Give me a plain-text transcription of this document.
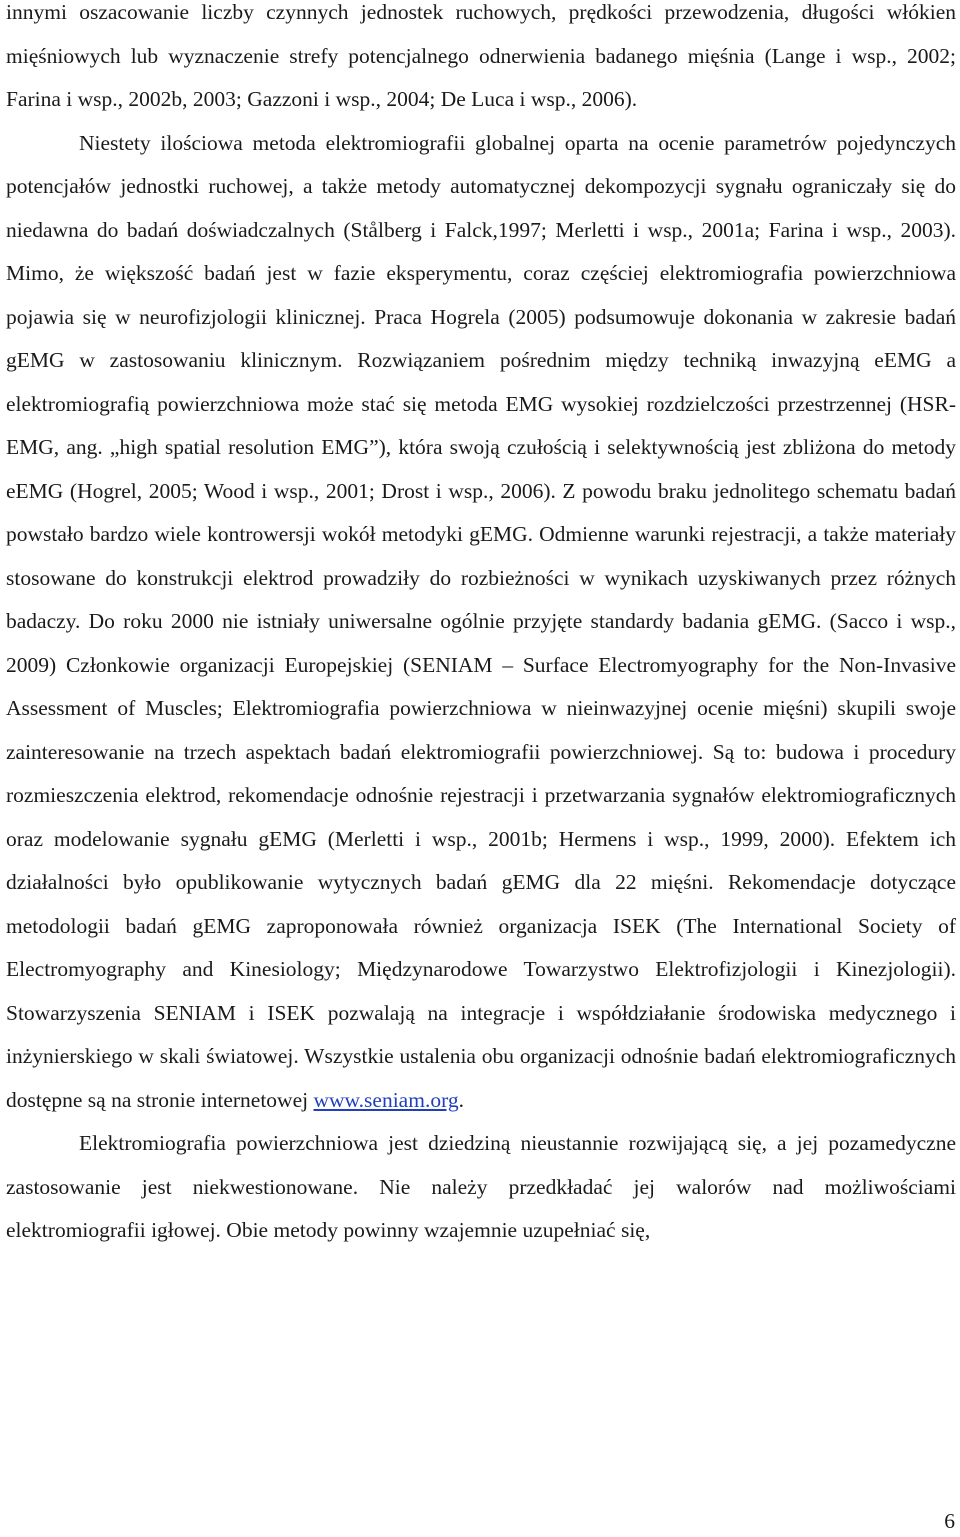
innymi oszacowanie liczby czynnych jednostek ruchowych, prędkości przewodzenia, długości włókien mięśniowych lub wyznaczenie strefy potencjalnego odnerwienia badanego mięśnia (Lange i wsp., 2002; Farina i wsp., 2002b, 2003; Gazzoni i wsp., 2004; De Luca i wsp., 2006).

Niestety ilościowa metoda elektromiografii globalnej oparta na ocenie parametrów pojedynczych potencjałów jednostki ruchowej, a także metody automatycznej dekompozycji sygnału ograniczały się do niedawna do badań doświadczalnych (Stålberg i Falck,1997; Merletti i wsp., 2001a; Farina i wsp., 2003). Mimo, że większość badań jest w fazie eksperymentu, coraz częściej elektromiografia powierzchniowa pojawia się w neurofizjologii klinicznej. Praca Hogrela (2005) podsumowuje dokonania w zakresie badań gEMG w zastosowaniu klinicznym. Rozwiązaniem pośrednim między techniką inwazyjną eEMG a elektromiografią powierzchniowa może stać się metoda EMG wysokiej rozdzielczości przestrzennej (HSR-EMG, ang. „high spatial resolution EMG”), która swoją czułością i selektywnością jest zbliżona do metody eEMG (Hogrel, 2005; Wood i wsp., 2001; Drost i wsp., 2006). Z powodu braku jednolitego schematu badań powstało bardzo wiele kontrowersji wokół metodyki gEMG. Odmienne warunki rejestracji, a także materiały stosowane do konstrukcji elektrod prowadziły do rozbieżności w wynikach uzyskiwanych przez różnych badaczy. Do roku 2000 nie istniały uniwersalne ogólnie przyjęte standardy badania gEMG. (Sacco i wsp., 2009) Członkowie organizacji Europejskiej (SENIAM – Surface Electromyography for the Non-Invasive Assessment of Muscles; Elektromiografia powierzchniowa w nieinwazyjnej ocenie mięśni) skupili swoje zainteresowanie na trzech aspektach badań elektromiografii powierzchniowej. Są to: budowa i procedury rozmieszczenia elektrod, rekomendacje odnośnie rejestracji i przetwarzania sygnałów elektromiograficznych oraz modelowanie sygnału gEMG (Merletti i wsp., 2001b; Hermens i wsp., 1999, 2000). Efektem ich działalności było opublikowanie wytycznych badań gEMG dla 22 mięśni. Rekomendacje dotyczące metodologii badań gEMG zaproponowała również organizacja ISEK (The International Society of Electromyography and Kinesiology; Międzynarodowe Towarzystwo Elektrofizjologii i Kinezjologii). Stowarzyszenia SENIAM i ISEK pozwalają na integracje i współdziałanie środowiska medycznego i inżynierskiego w skali światowej. Wszystkie ustalenia obu organizacji odnośnie badań elektromiograficznych dostępne są na stronie internetowej www.seniam.org.

Elektromiografia powierzchniowa jest dziedziną nieustannie rozwijającą się, a jej pozamedyczne zastosowanie jest niekwestionowane. Nie należy przedkładać jej walorów nad możliwościami elektromiografii igłowej. Obie metody powinny wzajemnie uzupełniać się,

6
